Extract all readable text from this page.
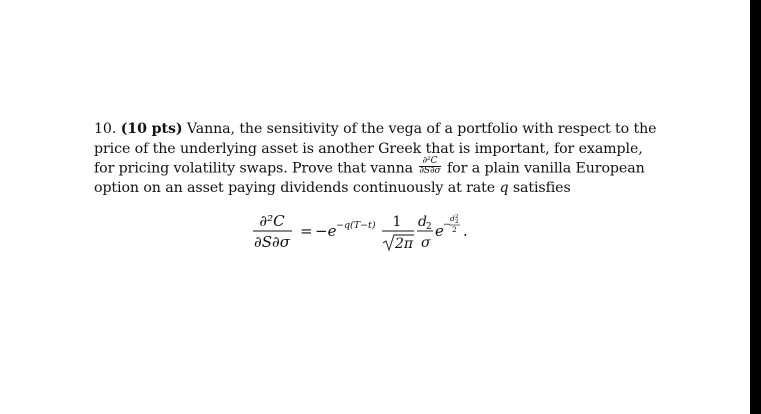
10. (10 pts) Vanna, the sensitivity of the vega of a portfolio with respect to the
price of the underlying asset is another Greek that is important, for example,
for pricing volatility swaps. Prove that vanna $\frac{\text{∂²C}}{\partial S\partial\sigma}$ for a plain vanilla European
option on an asset paying dividends continuously at rate q satisfies
∂²C
∂S∂σ
= −e −q(T−t) 1
2π
d 2
σ
e −
d 2
2
2 .
